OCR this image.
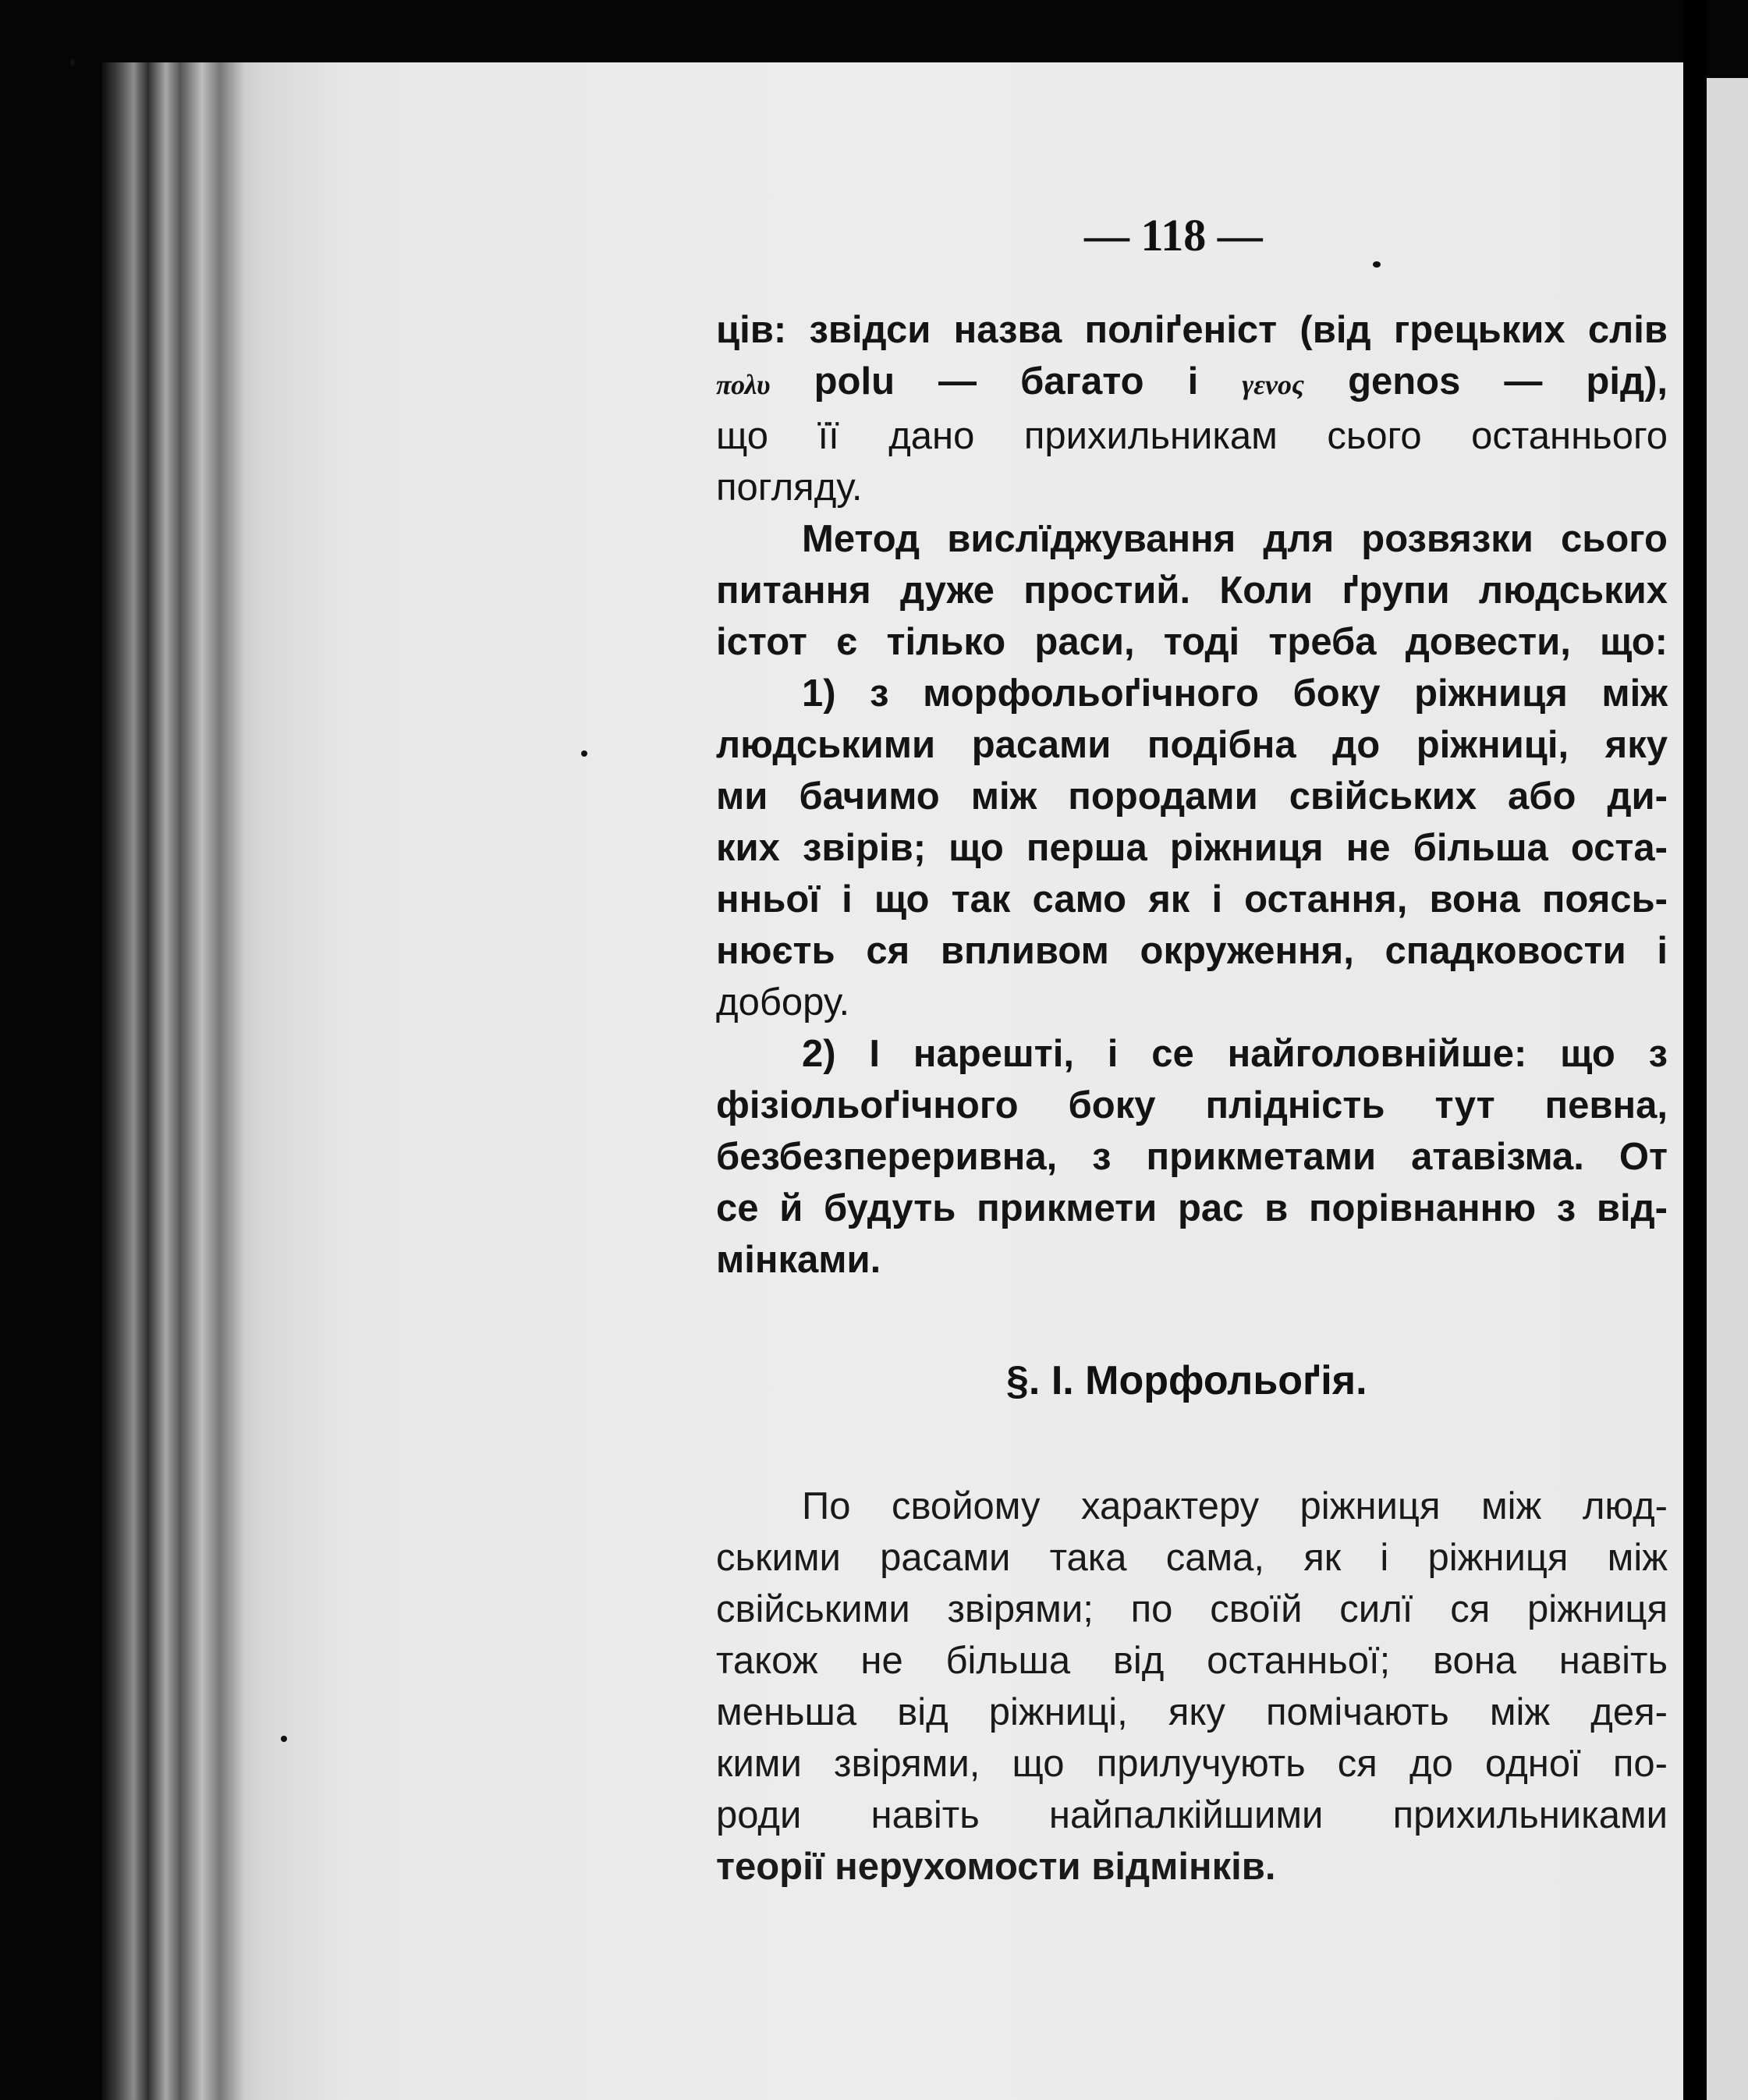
— 118 —
ців: звідси назва поліґеніст (від грецьких слів
πολυ polu — багато і γενος genos — рід),
що її дано прихильникам сього останнього
погляду.
Метод вислїджування для розвязки сього
питання дуже простий. Коли ґрупи людських
істот є тілько раси, тоді треба довести, що:
1) з морфольоґічного боку ріжниця між
людськими расами подібна до ріжниці, яку
ми бачимо між породами свійських або ди-
ких звірів; що перша ріжниця не більша оста-
нньої і що так само як і остання, вона поясь-
нюєть ся впливом окруження, спадковости і
добору.
2) І нарешті, і се найголовнійше: що з
фізіольоґічного боку плідність тут певна,
безбезпереривна, з прикметами атавізма. От
се й будуть прикмети рас в порівнанню з від-
мінками.
§. I. Морфольоґія.
По свойому характеру ріжниця між люд-
ськими расами така сама, як і ріжниця між
свійськими звірями; по своїй силї ся ріжниця
також не більша від останньої; вона навіть
меньша від ріжниці, яку помічають між дея-
кими звірями, що прилучують ся до одної по-
роди навіть найпалкійшими прихильниками
теорії нерухомости відмінків.
